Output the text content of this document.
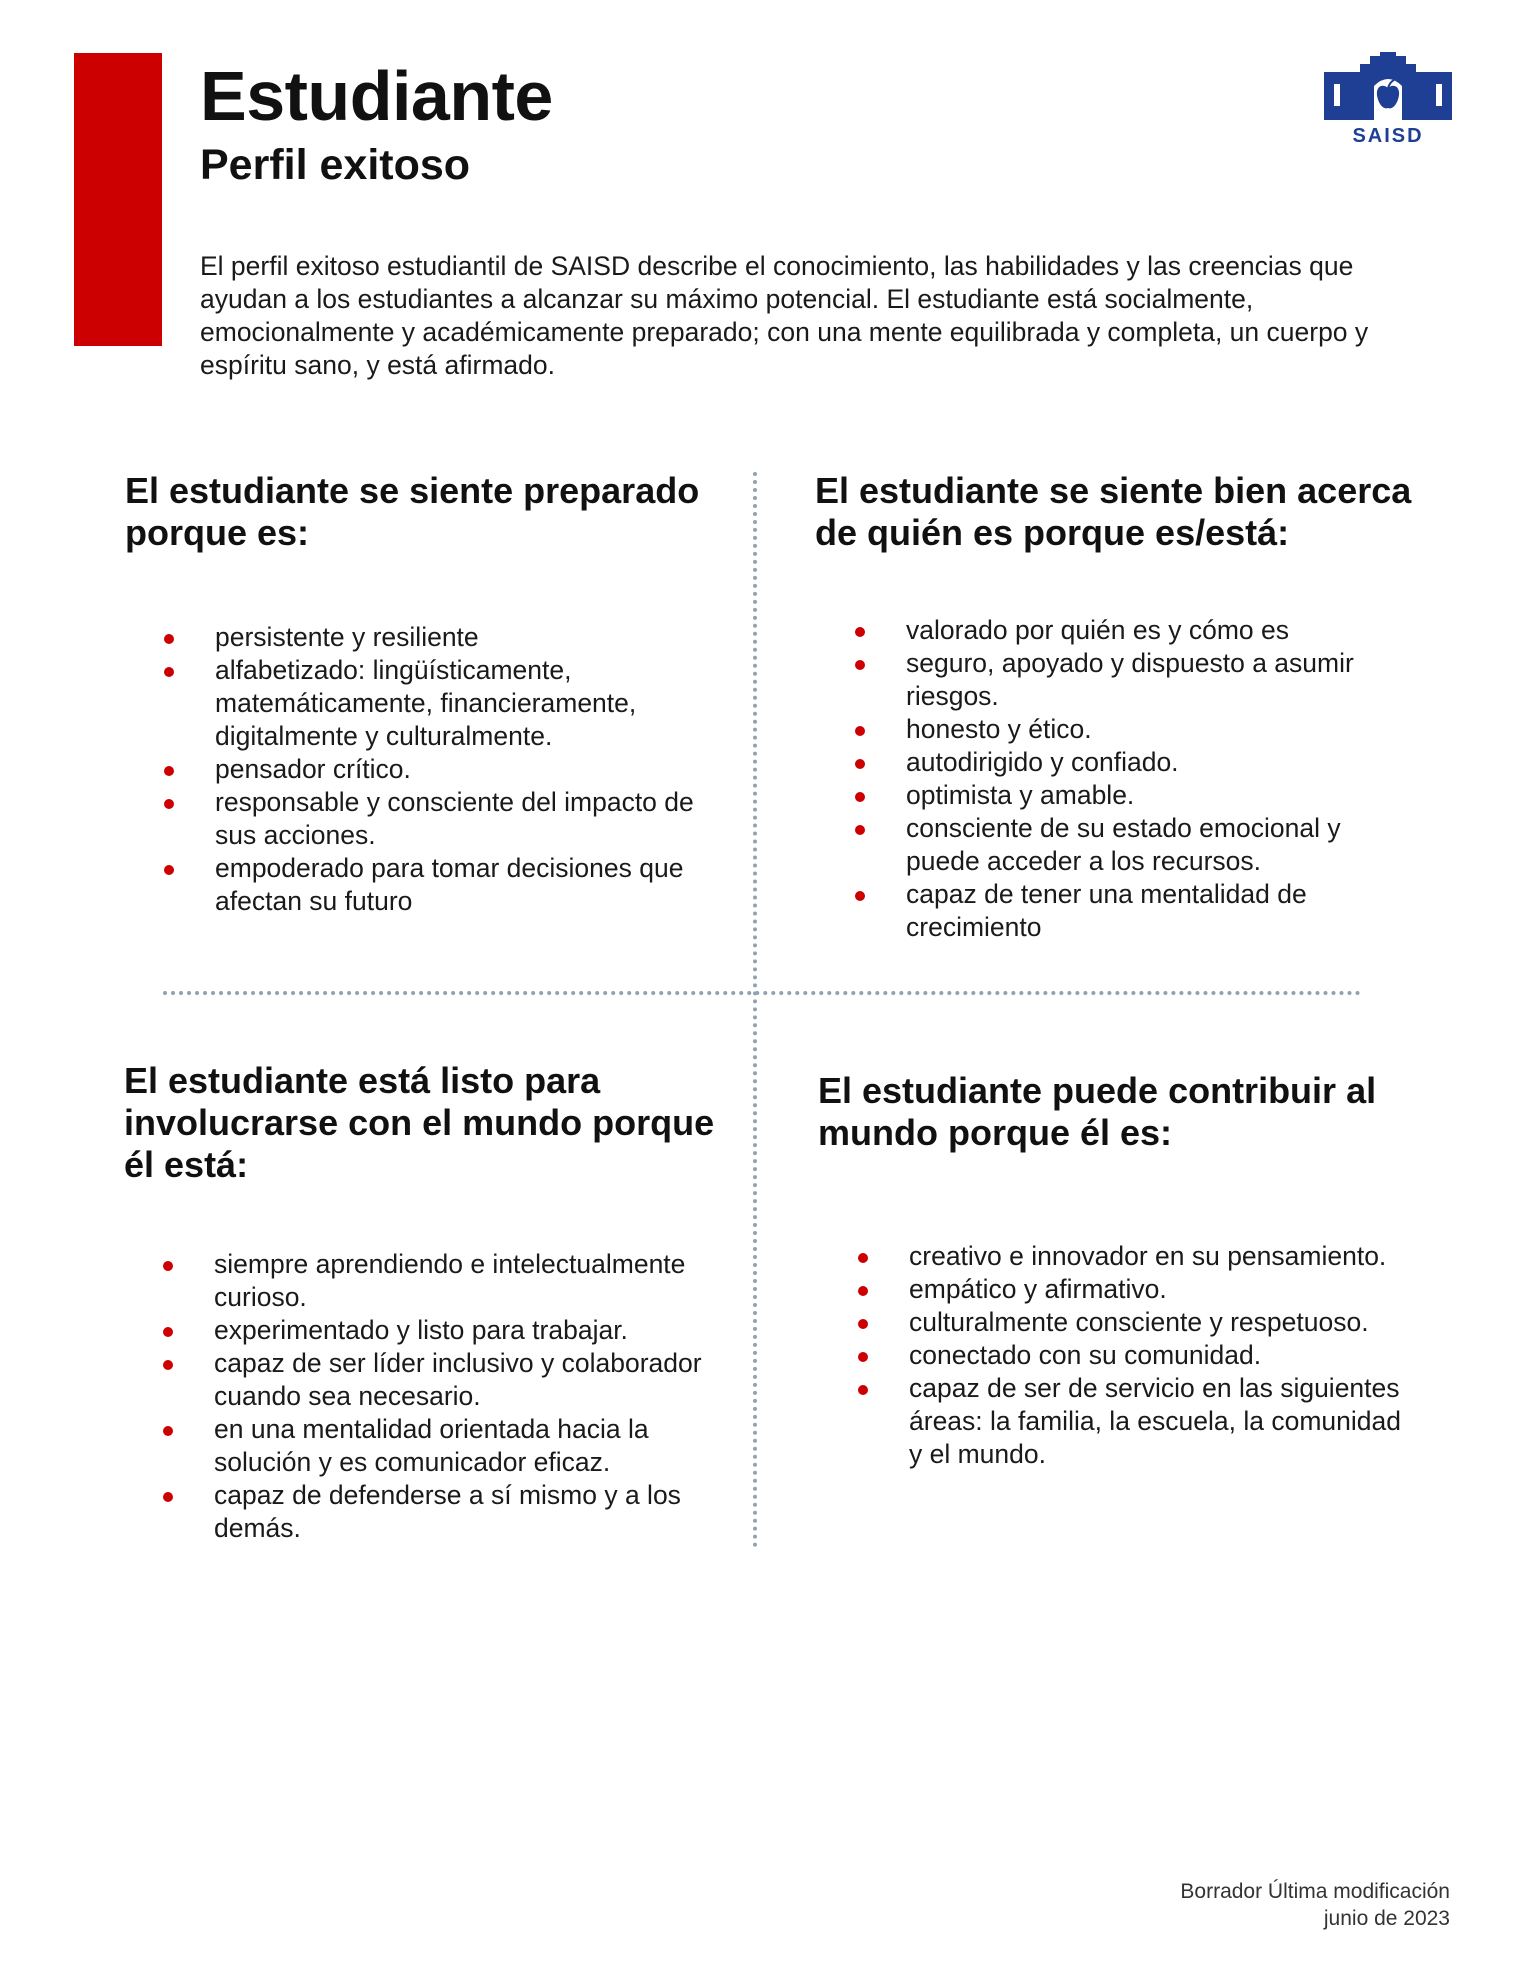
Estudiante
Perfil exitoso
SAISD

El perfil exitoso estudiantil de SAISD describe el conocimiento, las habilidades y las creencias que ayudan a los estudiantes a alcanzar su máximo potencial. El estudiante está socialmente, emocionalmente y académicamente preparado; con una mente equilibrada y completa, un cuerpo y espíritu sano, y está afirmado.

El estudiante se siente preparado porque es:
persistente y resiliente
alfabetizado: lingüísticamente, matemáticamente, financieramente, digitalmente y culturalmente.
pensador crítico.
responsable y consciente del impacto de sus acciones.
empoderado para tomar decisiones que afectan su futuro
El estudiante se siente bien acerca de quién es porque es/está:
valorado por quién es y cómo es
seguro, apoyado y dispuesto a asumir riesgos.
honesto y ético.
autodirigido y confiado.
optimista y amable.
consciente de su estado emocional y puede acceder a los recursos.
capaz de tener una mentalidad de crecimiento
El estudiante está listo para involucrarse con el mundo porque él está:
siempre aprendiendo e intelectualmente curioso.
experimentado y listo para trabajar.
capaz de ser líder inclusivo y colaborador cuando sea necesario.
en una mentalidad orientada hacia la solución y es comunicador eficaz.
capaz de defenderse a sí mismo y a los demás.
El estudiante puede contribuir al mundo porque él es:
creativo e innovador en su pensamiento.
empático y afirmativo.
culturalmente consciente y respetuoso.
conectado con su comunidad.
capaz de ser de servicio en las siguientes áreas: la familia, la escuela, la comunidad y el mundo.
Borrador Última modificación
junio de 2023
